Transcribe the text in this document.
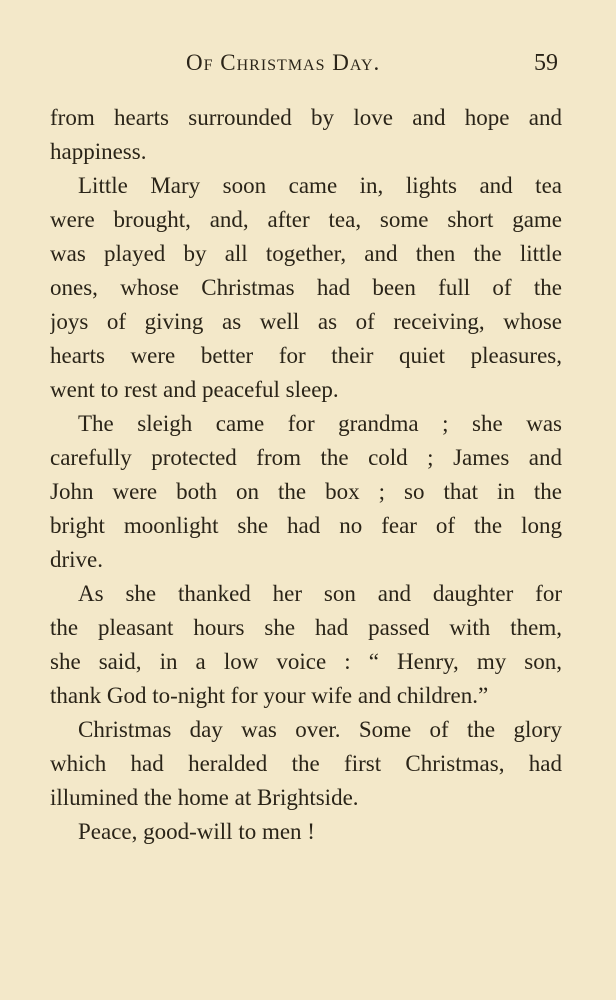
Of Christmas Day.	59
from hearts surrounded by love and hope and
happiness.
Little Mary soon came in, lights and tea
were brought, and, after tea, some short game
was played by all together, and then the little
ones, whose Christmas had been full of the
joys of giving as well as of receiving, whose
hearts were better for their quiet pleasures,
went to rest and peaceful sleep.
The sleigh came for grandma ; she was
carefully protected from the cold ; James and
John were both on the box ; so that in the
bright moonlight she had no fear of the long
drive.
As she thanked her son and daughter for
the pleasant hours she had passed with them,
she said, in a low voice : “ Henry, my son,
thank God to-night for your wife and children.”
Christmas day was over. Some of the glory
which had heralded the first Christmas, had
illumined the home at Brightside.
Peace, good-will to men !
